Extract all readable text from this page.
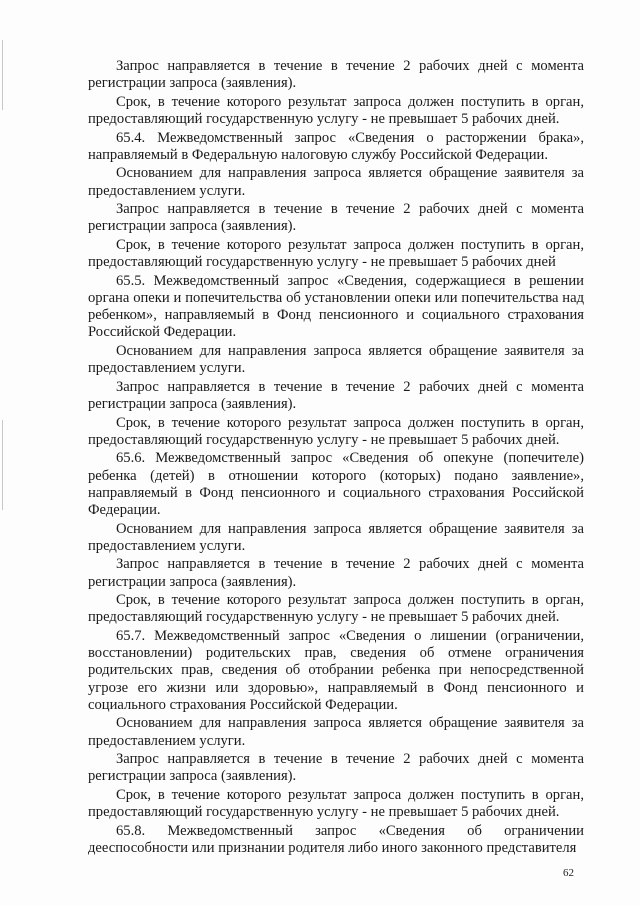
Запрос направляется в течение в течение 2 рабочих дней с момента регистрации запроса (заявления).

Срок, в течение которого результат запроса должен поступить в орган, предоставляющий государственную услугу - не превышает 5 рабочих дней.

65.4. Межведомственный запрос «Сведения о расторжении брака», направляемый в Федеральную налоговую службу Российской Федерации.

Основанием для направления запроса является обращение заявителя за предоставлением услуги.

Запрос направляется в течение в течение 2 рабочих дней с момента регистрации запроса (заявления).

Срок, в течение которого результат запроса должен поступить в орган, предоставляющий государственную услугу - не превышает 5 рабочих дней

65.5. Межведомственный запрос «Сведения, содержащиеся в решении органа опеки и попечительства об установлении опеки или попечительства над ребенком», направляемый в Фонд пенсионного и социального страхования Российской Федерации.

Основанием для направления запроса является обращение заявителя за предоставлением услуги.

Запрос направляется в течение в течение 2 рабочих дней с момента регистрации запроса (заявления).

Срок, в течение которого результат запроса должен поступить в орган, предоставляющий государственную услугу - не превышает 5 рабочих дней.

65.6. Межведомственный запрос «Сведения об опекуне (попечителе) ребенка (детей) в отношении которого (которых) подано заявление», направляемый в Фонд пенсионного и социального страхования Российской Федерации.

Основанием для направления запроса является обращение заявителя за предоставлением услуги.

Запрос направляется в течение в течение 2 рабочих дней с момента регистрации запроса (заявления).

Срок, в течение которого результат запроса должен поступить в орган, предоставляющий государственную услугу - не превышает 5 рабочих дней.

65.7. Межведомственный запрос «Сведения о лишении (ограничении, восстановлении) родительских прав, сведения об отмене ограничения родительских прав, сведения об отобрании ребенка при непосредственной угрозе его жизни или здоровью», направляемый в Фонд пенсионного и социального страхования Российской Федерации.

Основанием для направления запроса является обращение заявителя за предоставлением услуги.

Запрос направляется в течение в течение 2 рабочих дней с момента регистрации запроса (заявления).

Срок, в течение которого результат запроса должен поступить в орган, предоставляющий государственную услугу - не превышает 5 рабочих дней.

65.8. Межведомственный запрос «Сведения об ограничении дееспособности или признании родителя либо иного законного представителя

62
